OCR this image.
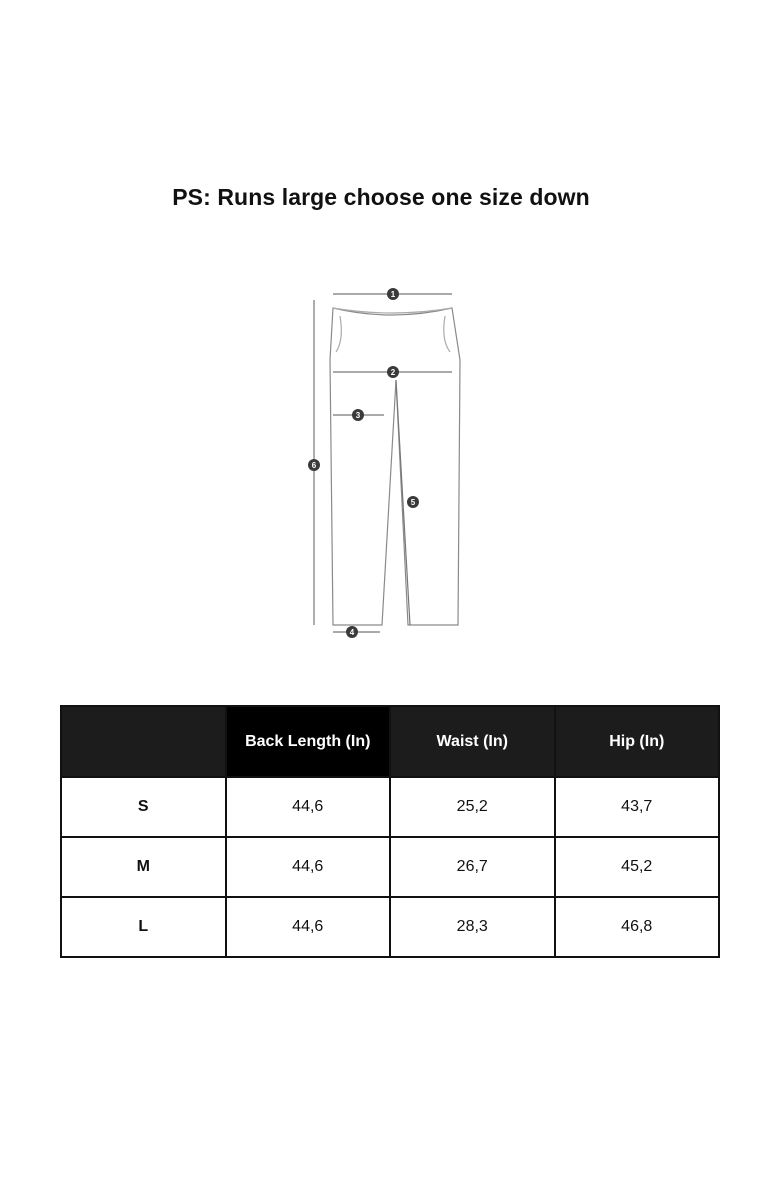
PS: Runs large choose one size down
1
2
3
4
5
6
	Back Length (In)	Waist (In)	Hip (In)
S	44,6	25,2	43,7
M	44,6	26,7	45,2
L	44,6	28,3	46,8
